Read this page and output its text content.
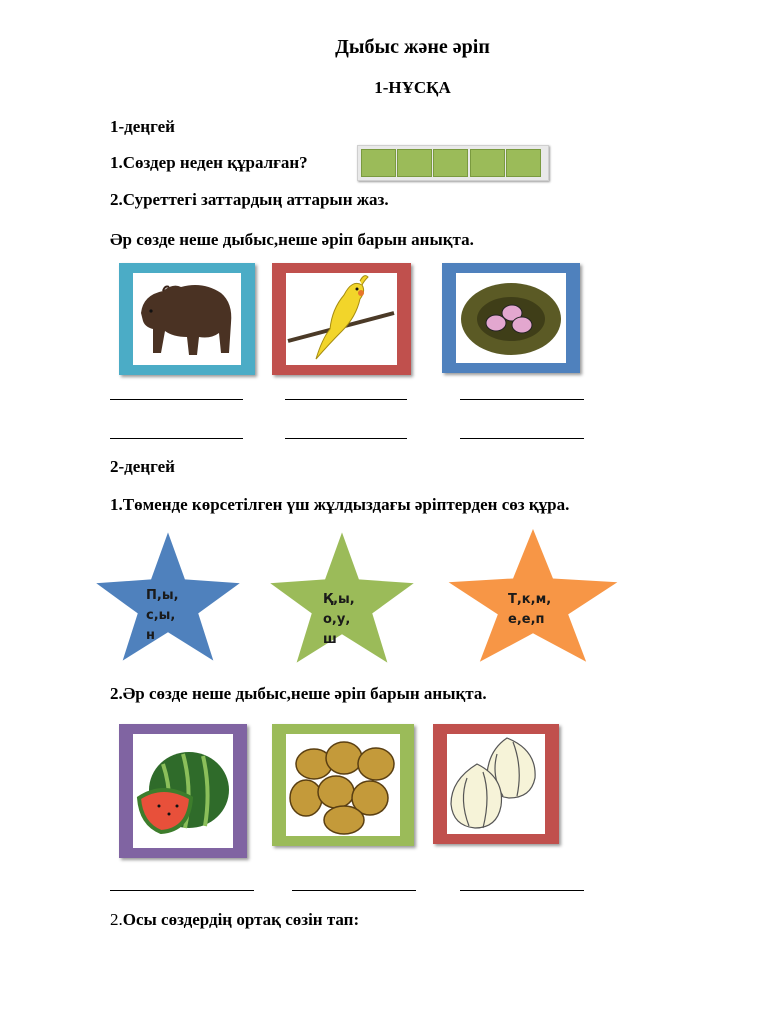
Дыбыс және әріп
1-НҰСҚА
1-деңгей
1.Сөздер неден құралған?
2.Суреттегі заттардың аттарын жаз.
Әр сөзде неше дыбыс,неше әріп барын анықта.
2-деңгей
1.Төменде көрсетілген үш жұлдыздағы әріптерден сөз құра.
П,ы,
с,ы,
н
Қ,ы,
о,у,
ш
Т,к,м,
е,е,п
2.Әр сөзде неше дыбыс,неше әріп барын анықта.
2.Осы сөздердің ортақ сөзін тап:
